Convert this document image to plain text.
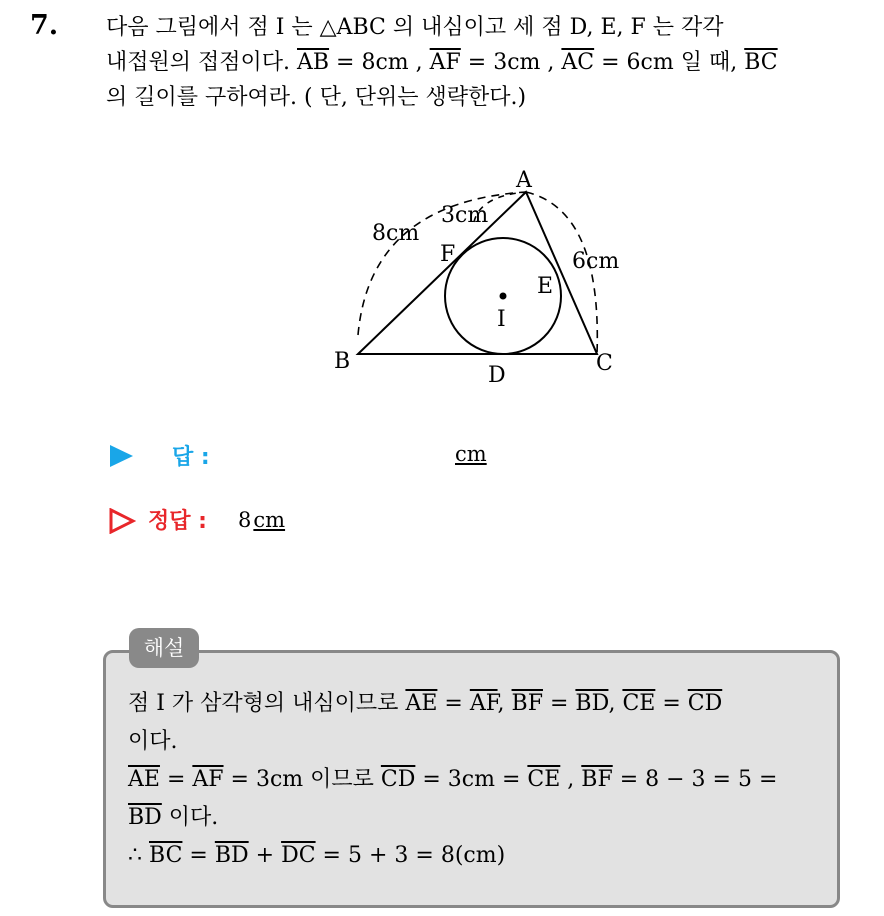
7. 다음 그림에서 점 I 는 △ABC 의 내심이고 세 점 D, E, F 는 각각
내접원의 접점이다. $\overline{AB} = 8cm$ , $\overline{AF} = 3cm$ , $\overline{AC} = 6cm$ 일 때, $\overline{BC}$
의 길이를 구하여라. ( 단, 단위는 생략한다.)

A
B	C
D
E
F
I
8cm
3cm
6cm
답 :	cm
정답 : 8cm
해설

점 I 가 삼각형의 내심이므로 $\overline{AE} = \overline{AF}$, $\overline{BF} = \overline{BD}$, $\overline{CE} = \overline{CD}$
이다.
$\overline{AE} = \overline{AF} = 3cm$ 이므로 $\overline{CD} = 3cm = \overline{CE}$ , $\overline{BF} = 8 - 3 = 5$ =
$\overline{BD}$ 이다.
∴ $\overline{BC} = \overline{BD} + \overline{DC} = 5 + 3 = 8(cm)$
